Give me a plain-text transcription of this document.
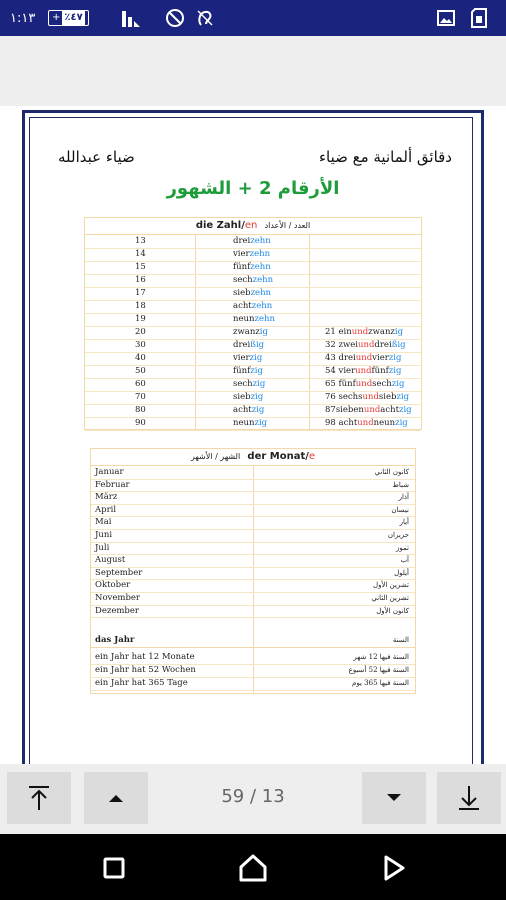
١:١٣ + ٪٤٧
ضياء عبدالله	دقائق ألمانية مع ضياء
الأرقام 2 + الشهور
die Zahl/en العدد / الأعداد
13	dreizehn
14	vierzehn
15	fünfzehn
16	sechzehn
17	siebzehn
18	achtzehn
19	neunzehn
20	zwanzig	21 einundzwanzig
30	dreißig	32 zweiunddreißig
40	vierzig	43 dreiundvierzig
50	fünfzig	54 vierundfünfzig
60	sechzig	65 fünfundsechzig
70	siebzig	76 sechsundsiebzig
80	achtzig	87siebenundachtzig
90	neunzig	98 achtundneunzig
الشهر / الأشهر der Monat/e
Januar	كانون الثاني
Februar	شباط
März	آذار
April	نيسان
Mai	أيار
Juni	حزيران
Juli	تموز
August	آب
September	أيلول
Oktober	تشرين الأول
November	تشرين الثاني
Dezember	كانون الأول
das Jahr	السنة
ein Jahr hat 12 Monate	السنة فيها 12 شهر
ein Jahr hat 52 Wochen	السنة فيها 52 أسبوع
ein Jahr hat 365 Tage	السنة فيها 365 يوم
59 / 13
